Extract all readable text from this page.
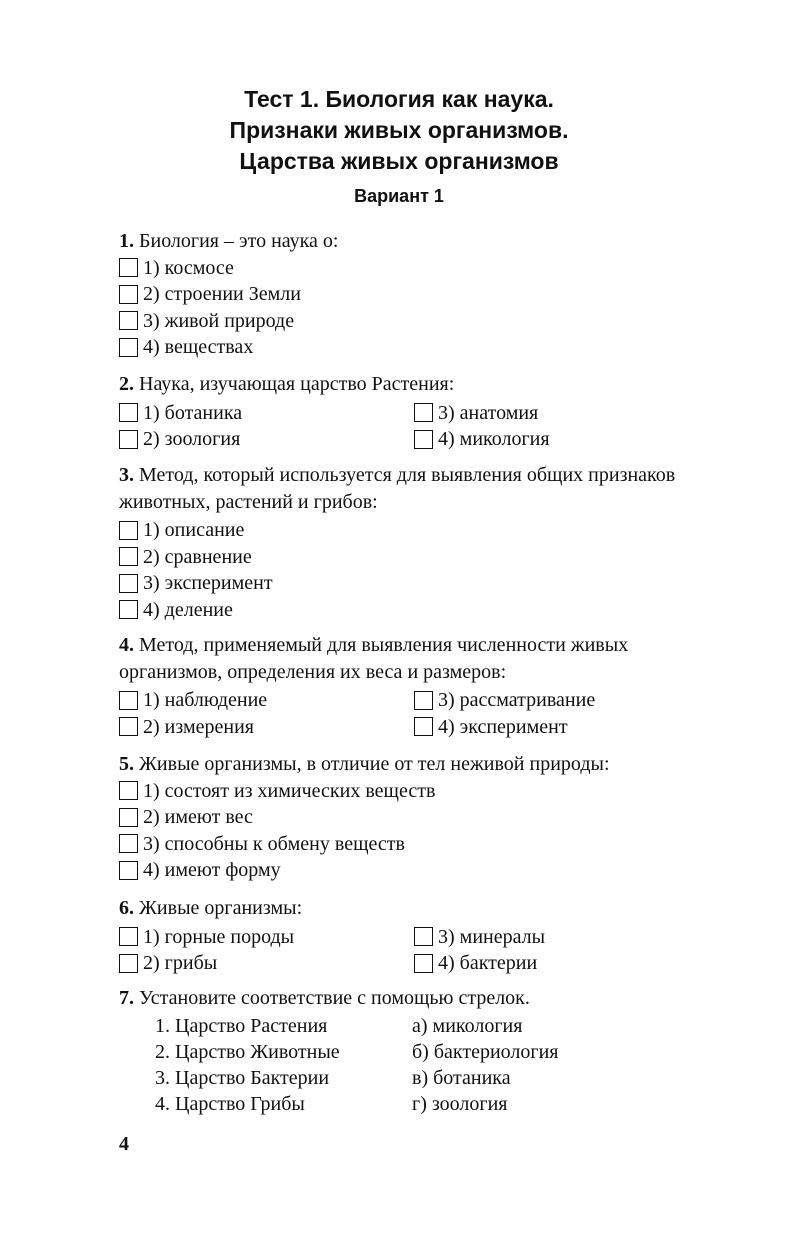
Тест 1. Биология как наука.
Признаки живых организмов.
Царства живых организмов
Вариант 1
1. Биология – это наука о:
1) космосе
2) строении Земли
3) живой природе
4) веществах
2. Наука, изучающая царство Растения:
1) ботаника	3) анатомия
2) зоология	4) микология
3. Метод, который используется для выявления общих признаков животных, растений и грибов:
1) описание
2) сравнение
3) эксперимент
4) деление
4. Метод, применяемый для выявления численности живых организмов, определения их веса и размеров:
1) наблюдение	3) рассматривание
2) измерения	4) эксперимент
5. Живые организмы, в отличие от тел неживой природы:
1) состоят из химических веществ
2) имеют вес
3) способны к обмену веществ
4) имеют форму
6. Живые организмы:
1) горные породы	3) минералы
2) грибы	4) бактерии
7. Установите соответствие с помощью стрелок.
1. Царство Растения	а) микология
2. Царство Животные	б) бактериология
3. Царство Бактерии	в) ботаника
4. Царство Грибы	г) зоология
4
